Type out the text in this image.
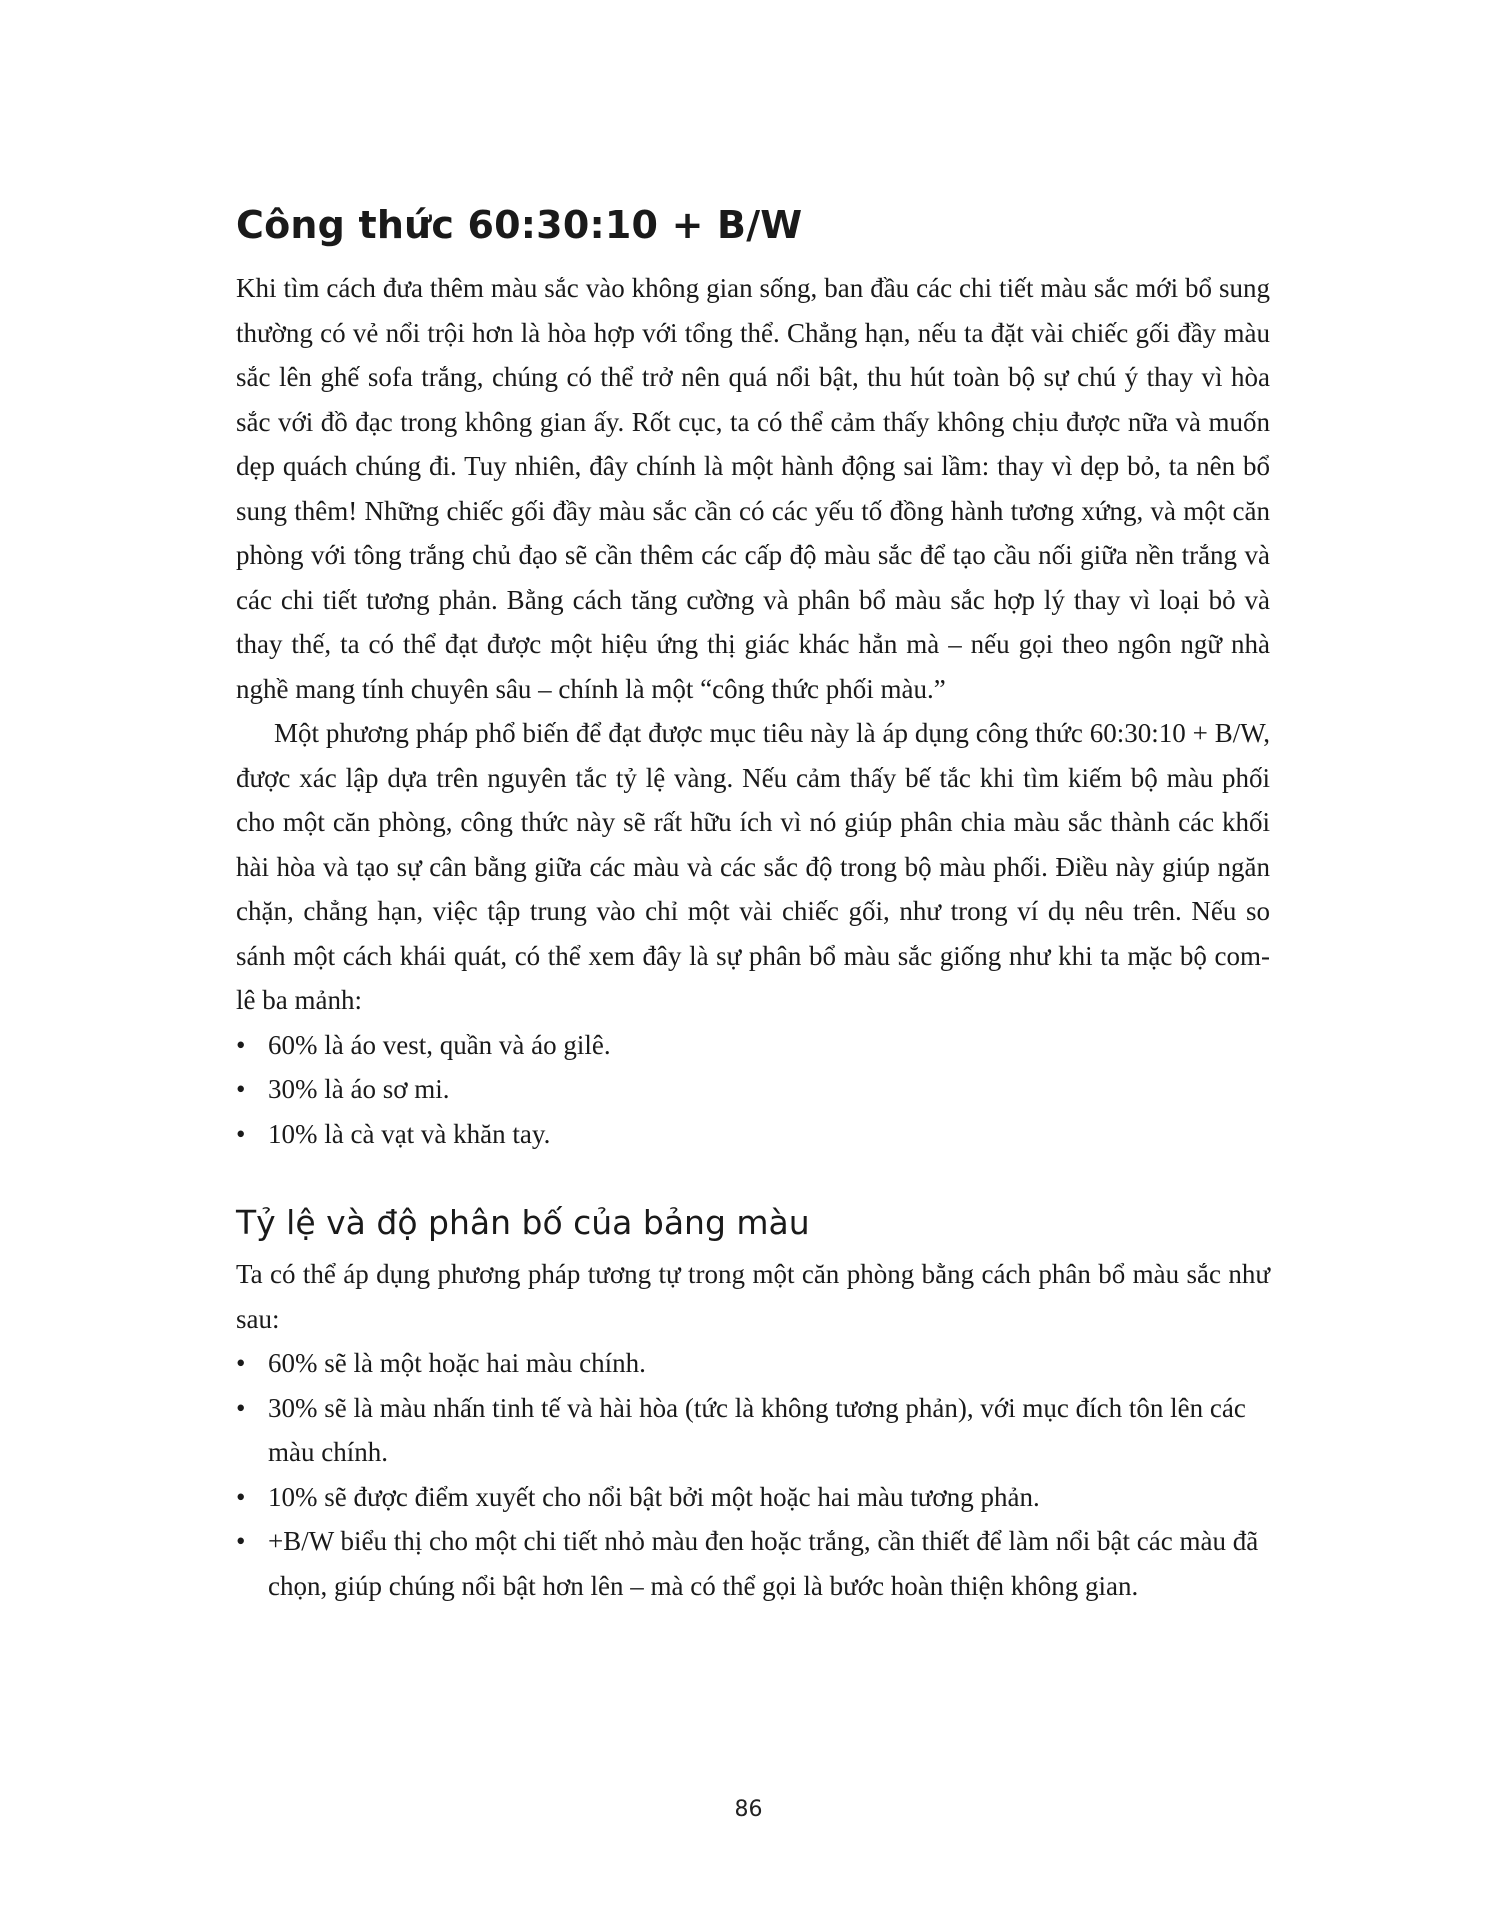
Công thức 60:30:10 + B/W

Khi tìm cách đưa thêm màu sắc vào không gian sống, ban đầu các chi tiết màu sắc mới bổ sung thường có vẻ nổi trội hơn là hòa hợp với tổng thể. Chẳng hạn, nếu ta đặt vài chiếc gối đầy màu sắc lên ghế sofa trắng, chúng có thể trở nên quá nổi bật, thu hút toàn bộ sự chú ý thay vì hòa sắc với đồ đạc trong không gian ấy. Rốt cục, ta có thể cảm thấy không chịu được nữa và muốn dẹp quách chúng đi. Tuy nhiên, đây chính là một hành động sai lầm: thay vì dẹp bỏ, ta nên bổ sung thêm! Những chiếc gối đầy màu sắc cần có các yếu tố đồng hành tương xứng, và một căn phòng với tông trắng chủ đạo sẽ cần thêm các cấp độ màu sắc để tạo cầu nối giữa nền trắng và các chi tiết tương phản. Bằng cách tăng cường và phân bổ màu sắc hợp lý thay vì loại bỏ và thay thế, ta có thể đạt được một hiệu ứng thị giác khác hẳn mà – nếu gọi theo ngôn ngữ nhà nghề mang tính chuyên sâu – chính là một “công thức phối màu.”

Một phương pháp phổ biến để đạt được mục tiêu này là áp dụng công thức 60:30:10 + B/W, được xác lập dựa trên nguyên tắc tỷ lệ vàng. Nếu cảm thấy bế tắc khi tìm kiếm bộ màu phối cho một căn phòng, công thức này sẽ rất hữu ích vì nó giúp phân chia màu sắc thành các khối hài hòa và tạo sự cân bằng giữa các màu và các sắc độ trong bộ màu phối. Điều này giúp ngăn chặn, chẳng hạn, việc tập trung vào chỉ một vài chiếc gối, như trong ví dụ nêu trên. Nếu so sánh một cách khái quát, có thể xem đây là sự phân bổ màu sắc giống như khi ta mặc bộ com-lê ba mảnh:

• 60% là áo vest, quần và áo gilê.
• 30% là áo sơ mi.
• 10% là cà vạt và khăn tay.
Tỷ lệ và độ phân bố của bảng màu

Ta có thể áp dụng phương pháp tương tự trong một căn phòng bằng cách phân bổ màu sắc như sau:

• 60% sẽ là một hoặc hai màu chính.
• 30% sẽ là màu nhấn tinh tế và hài hòa (tức là không tương phản), với mục đích tôn lên các màu chính.
• 10% sẽ được điểm xuyết cho nổi bật bởi một hoặc hai màu tương phản.
• +B/W biểu thị cho một chi tiết nhỏ màu đen hoặc trắng, cần thiết để làm nổi bật các màu đã chọn, giúp chúng nổi bật hơn lên – mà có thể gọi là bước hoàn thiện không gian.
86
